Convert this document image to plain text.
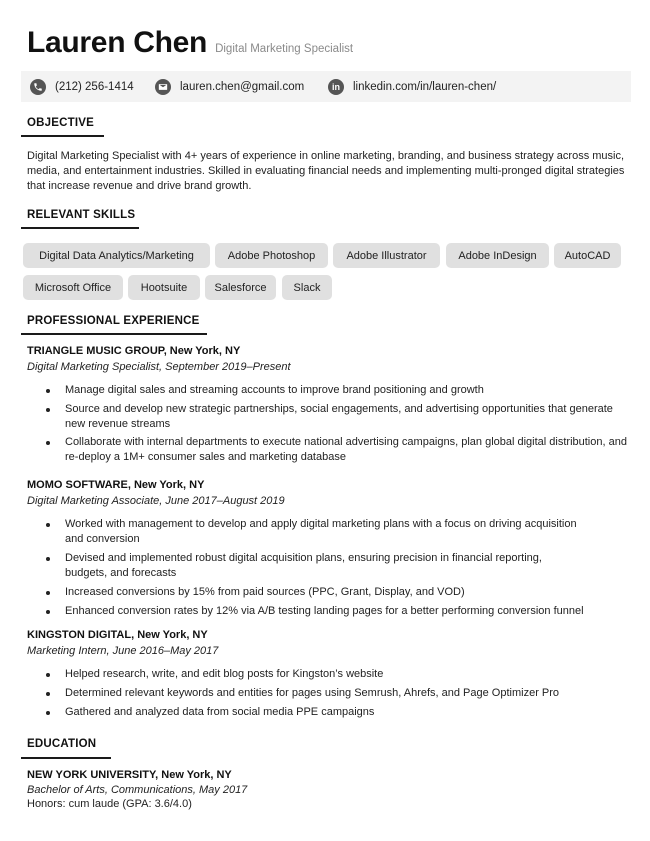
Lauren Chen Digital Marketing Specialist
(212) 256-1414	lauren.chen@gmail.com	in	linkedin.com/in/lauren-chen/
OBJECTIVE
Digital Marketing Specialist with 4+ years of experience in online marketing, branding, and business strategy across music, media, and entertainment industries. Skilled in evaluating financial needs and implementing multi-pronged digital strategies that increase revenue and drive brand growth.
RELEVANT SKILLS
Digital Data Analytics/Marketing	Adobe Photoshop	Adobe Illustrator	Adobe InDesign	AutoCAD
Microsoft Office	Hootsuite	Salesforce	Slack
PROFESSIONAL EXPERIENCE
TRIANGLE MUSIC GROUP, New York, NY
Digital Marketing Specialist, September 2019–Present
Manage digital sales and streaming accounts to improve brand positioning and growth
Source and develop new strategic partnerships, social engagements, and advertising opportunities that generate new revenue streams
Collaborate with internal departments to execute national advertising campaigns, plan global digital distribution, and re-deploy a 1M+ consumer sales and marketing database
MOMO SOFTWARE, New York, NY
Digital Marketing Associate, June 2017–August 2019
Worked with management to develop and apply digital marketing plans with a focus on driving acquisition and conversion
Devised and implemented robust digital acquisition plans, ensuring precision in financial reporting, budgets, and forecasts
Increased conversions by 15% from paid sources (PPC, Grant, Display, and VOD)
Enhanced conversion rates by 12% via A/B testing landing pages for a better performing conversion funnel
KINGSTON DIGITAL, New York, NY
Marketing Intern, June 2016–May 2017
Helped research, write, and edit blog posts for Kingston’s website
Determined relevant keywords and entities for pages using Semrush, Ahrefs, and Page Optimizer Pro
Gathered and analyzed data from social media PPE campaigns
EDUCATION
NEW YORK UNIVERSITY, New York, NY
Bachelor of Arts, Communications, May 2017
Honors: cum laude (GPA: 3.6/4.0)
